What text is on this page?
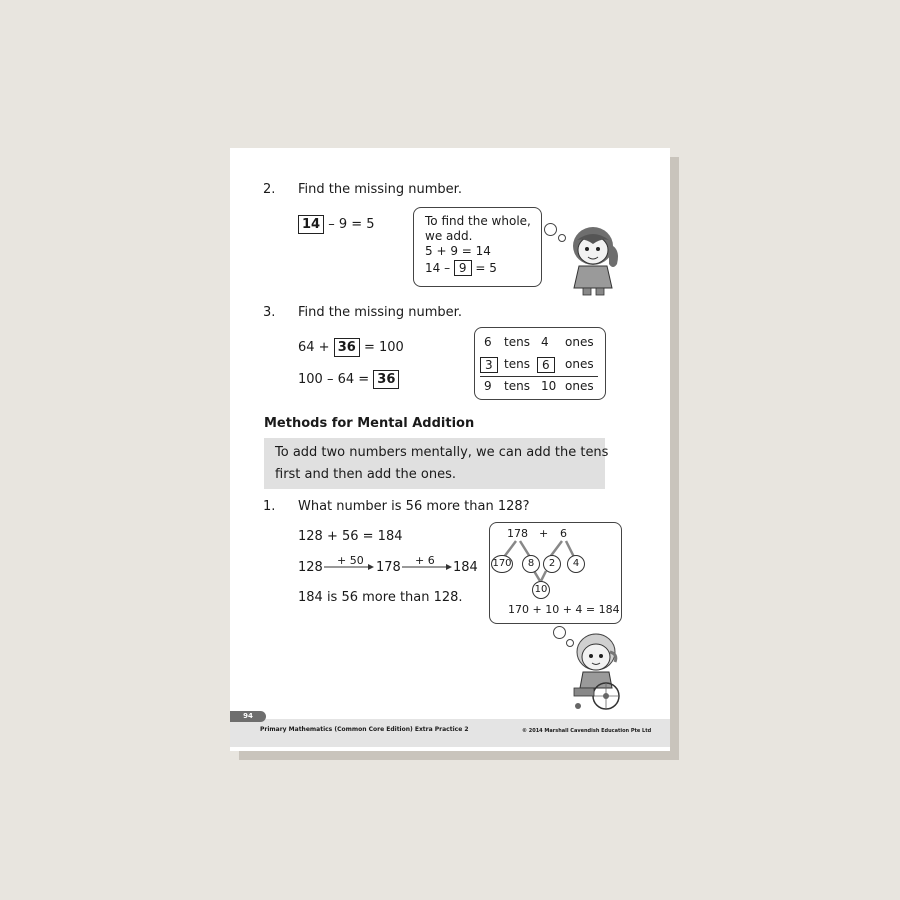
2. Find the missing number.
14 – 9 = 5	To find the whole,
we add.
5 + 9 = 14
14 – 9 = 5
3. Find the missing number.
64 + 36 = 100
100 – 64 = 36
6 tens 4 ones
3 tens	6	ones
9 tens 10 ones
Methods for Mental Addition
To add two numbers mentally, we can add the tens
first and then add the ones.
1. What number is 56 more than 128?
128 + 56 = 184
128 + 50 178 + 6 184
184 is 56 more than 128.
178 + 6
170	8	2	4
10
170 + 10 + 4 = 184
Primary Mathematics (Common Core Edition) Extra Practice 2	© 2014 Marshall Cavendish Education Pte Ltd
94
